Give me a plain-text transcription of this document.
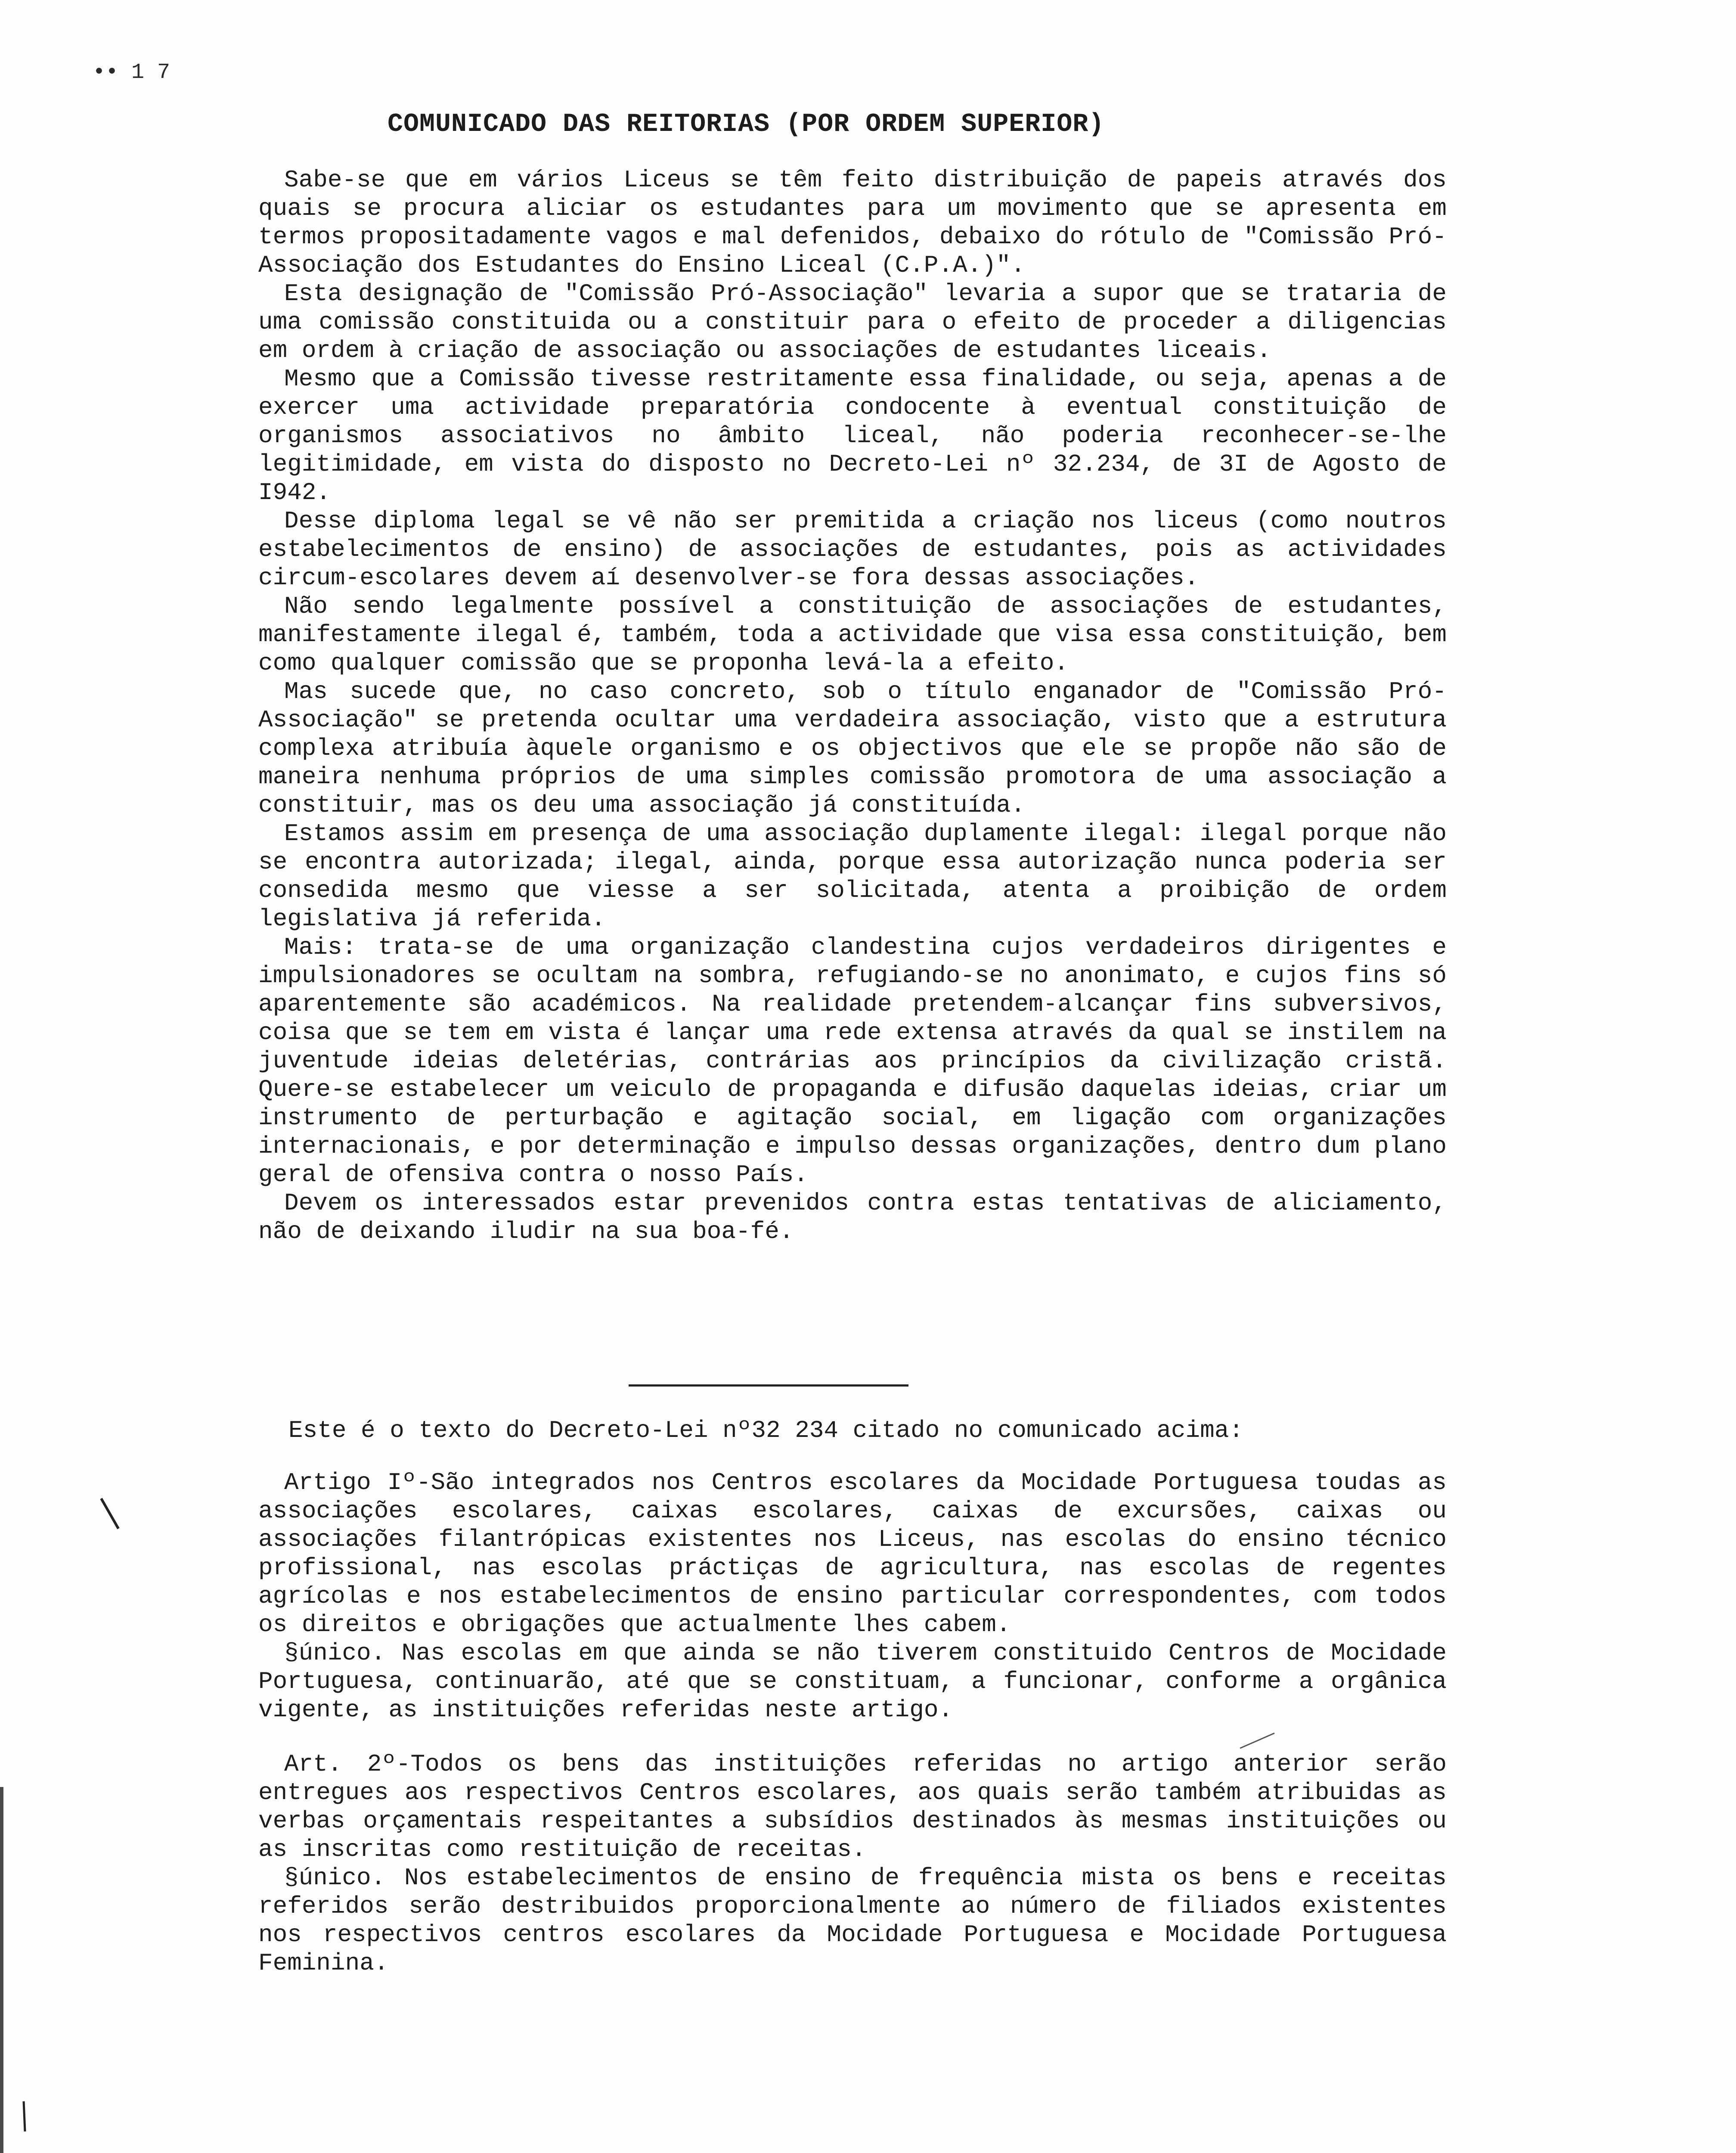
•• 1 7
COMUNICADO DAS REITORIAS (POR ORDEM SUPERIOR)

Sabe-se que em vários Liceus se têm feito distribuição de papeis através dos quais se procura aliciar os estudantes para um movimento que se apresenta em termos propositadamente vagos e mal defenidos, debaixo do rótulo de "Comissão Pró-Associação dos Estudantes do Ensino Liceal (C.P.A.)".

Esta designação de "Comissão Pró-Associação" levaria a supor que se trataria de uma comissão constituida ou a constituir para o efeito de proceder a diligencias em ordem à criação de associação ou associações de estudantes liceais.

Mesmo que a Comissão tivesse restritamente essa finalidade, ou seja, apenas a de exercer uma actividade preparatória condocente à eventual constituição de organismos associativos no âmbito liceal, não poderia reconhecer-se-lhe legitimidade, em vista do disposto no Decreto-Lei nº 32.234, de 3I de Agosto de I942.

Desse diploma legal se vê não ser premitida a criação nos liceus (como noutros estabelecimentos de ensino) de associações de estudantes, pois as actividades circum-escolares devem aí desenvolver-se fora dessas associações.

Não sendo legalmente possível a constituição de associações de estudantes, manifestamente ilegal é, também, toda a actividade que visa essa constituição, bem como qualquer comissão que se proponha levá-la a efeito.

Mas sucede que, no caso concreto, sob o título enganador de "Comissão Pró-Associação" se pretenda ocultar uma verdadeira associação, visto que a estrutura complexa atribuía àquele organismo e os objectivos que ele se propõe não são de maneira nenhuma próprios de uma simples comissão promotora de uma associação a constituir, mas os deu uma associação já constituída.

Estamos assim em presença de uma associação duplamente ilegal: ilegal porque não se encontra autorizada; ilegal, ainda, porque essa autorização nunca poderia ser consedida mesmo que viesse a ser solicitada, atenta a proibição de ordem legislativa já referida.

Mais: trata-se de uma organização clandestina cujos verdadeiros dirigentes e impulsionadores se ocultam na sombra, refugiando-se no anonimato, e cujos fins só aparentemente são académicos. Na realidade pretendem-alcançar fins subversivos, coisa que se tem em vista é lançar uma rede extensa através da qual se instilem na juventude ideias deletérias, contrárias aos princípios da civilização cristã. Quere-se estabelecer um veiculo de propaganda e difusão daquelas ideias, criar um instrumento de perturbação e agitação social, em ligação com organizações internacionais, e por determinação e impulso dessas organizações, dentro dum plano geral de ofensiva contra o nosso País.

Devem os interessados estar prevenidos contra estas tentativas de aliciamento, não de deixando iludir na sua boa-fé.

Este é o texto do Decreto-Lei nº32 234 citado no comunicado acima:

Artigo Iº-São integrados nos Centros escolares da Mocidade Portuguesa toudas as associações escolares, caixas escolares, caixas de excursões, caixas ou associações filantrópicas existentes nos Liceus, nas escolas do ensino técnico profissional, nas escolas práctiças de agricultura, nas escolas de regentes agrícolas e nos estabelecimentos de ensino particular correspondentes, com todos os direitos e obrigações que actualmente lhes cabem.

§único. Nas escolas em que ainda se não tiverem constituido Centros de Mocidade Portuguesa, continuarão, até que se constituam, a funcionar, conforme a orgânica vigente, as instituições referidas neste artigo.

Art. 2º-Todos os bens das instituições referidas no artigo anterior serão entregues aos respectivos Centros escolares, aos quais serão também atribuidas as verbas orçamentais respeitantes a subsídios destinados às mesmas instituições ou as inscritas como restituição de receitas.

§único. Nos estabelecimentos de ensino de frequência mista os bens e receitas referidos serão destribuidos proporcionalmente ao número de filiados existentes nos respectivos centros escolares da Mocidade Portuguesa e Mocidade Portuguesa Feminina.
